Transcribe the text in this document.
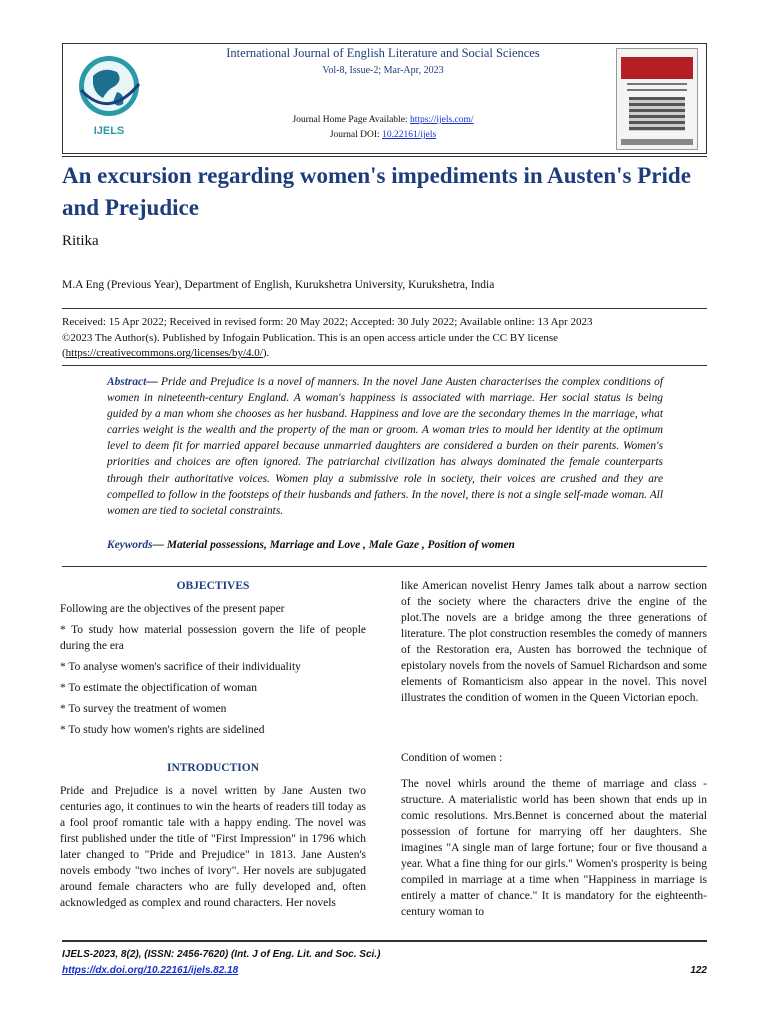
IJELS
International Journal of English Literature and Social Sciences
Vol-8, Issue-2; Mar-Apr, 2023
Journal Home Page Available: https://ijels.com/
Journal DOI: 10.22161/ijels
An excursion regarding women's impediments in Austen's Pride and Prejudice
Ritika
M.A Eng (Previous Year), Department of English, Kurukshetra University, Kurukshetra, India
Received: 15 Apr 2022; Received in revised form: 20 May 2022; Accepted: 30 July 2022; Available online: 13 Apr 2023
©2023 The Author(s). Published by Infogain Publication. This is an open access article under the CC BY license
(https://creativecommons.org/licenses/by/4.0/).
Abstract— Pride and Prejudice is a novel of manners. In the novel Jane Austen characterises the complex conditions of women in nineteenth-century England. A woman's happiness is associated with marriage. Her social status is being guided by a man whom she chooses as her husband. Happiness and love are the secondary themes in the marriage, what carries weight is the wealth and the property of the man or groom. A woman tries to mould her identity at the optimum level to deem fit for married apparel because unmarried daughters are considered a burden on their parents. Women's priorities and choices are often ignored. The patriarchal civilization has always dominated the female counterparts through their authoritative voices. Women play a submissive role in society, their voices are crushed and they are compelled to follow in the footsteps of their husbands and fathers. In the novel, there is not a single self-made woman. All women are tied to societal constraints.
Keywords— Material possessions, Marriage and Love , Male Gaze , Position of women
OBJECTIVES

Following are the objectives of the present paper

* To study how material possession govern the life of people during the era

* To analyse women's sacrifice of their individuality

* To estimate the objectification of woman

* To survey the treatment of women

* To study how women's rights are sidelined

INTRODUCTION

Pride and Prejudice is a novel written by Jane Austen two centuries ago, it continues to win the hearts of readers till today as a fool proof romantic tale with a happy ending. The novel was first published under the title of "First Impression" in 1796 which later changed to "Pride and Prejudice" in 1813. Jane Austen's novels embody "two inches of ivory". Her novels are subjugated around female characters who are fully developed and, often acknowledged as complex and round characters. Her novels

like American novelist Henry James talk about a narrow section of the society where the characters drive the engine of the plot.The novels are a bridge among the three generations of literature. The plot construction resembles the comedy of manners of the Restoration era, Austen has borrowed the technique of epistolary novels from the novels of Samuel Richardson and some elements of Romanticism also appear in the novel. This novel illustrates the condition of women in the Queen Victorian epoch.

Condition of women :

The novel whirls around the theme of marriage and class -structure. A materialistic world has been shown that ends up in comic resolutions. Mrs.Bennet is concerned about the material possession of fortune for marrying off her daughters. She imagines "A single man of large fortune; four or five thousand a year. What a fine thing for our girls." Women's prosperity is being compiled in marriage at a time when "Happiness in marriage is entirely a matter of chance." It is mandatory for the eighteenth-century woman to

IJELS-2023, 8(2), (ISSN: 2456-7620) (Int. J of Eng. Lit. and Soc. Sci.)
https://dx.doi.org/10.22161/ijels.82.18	122
